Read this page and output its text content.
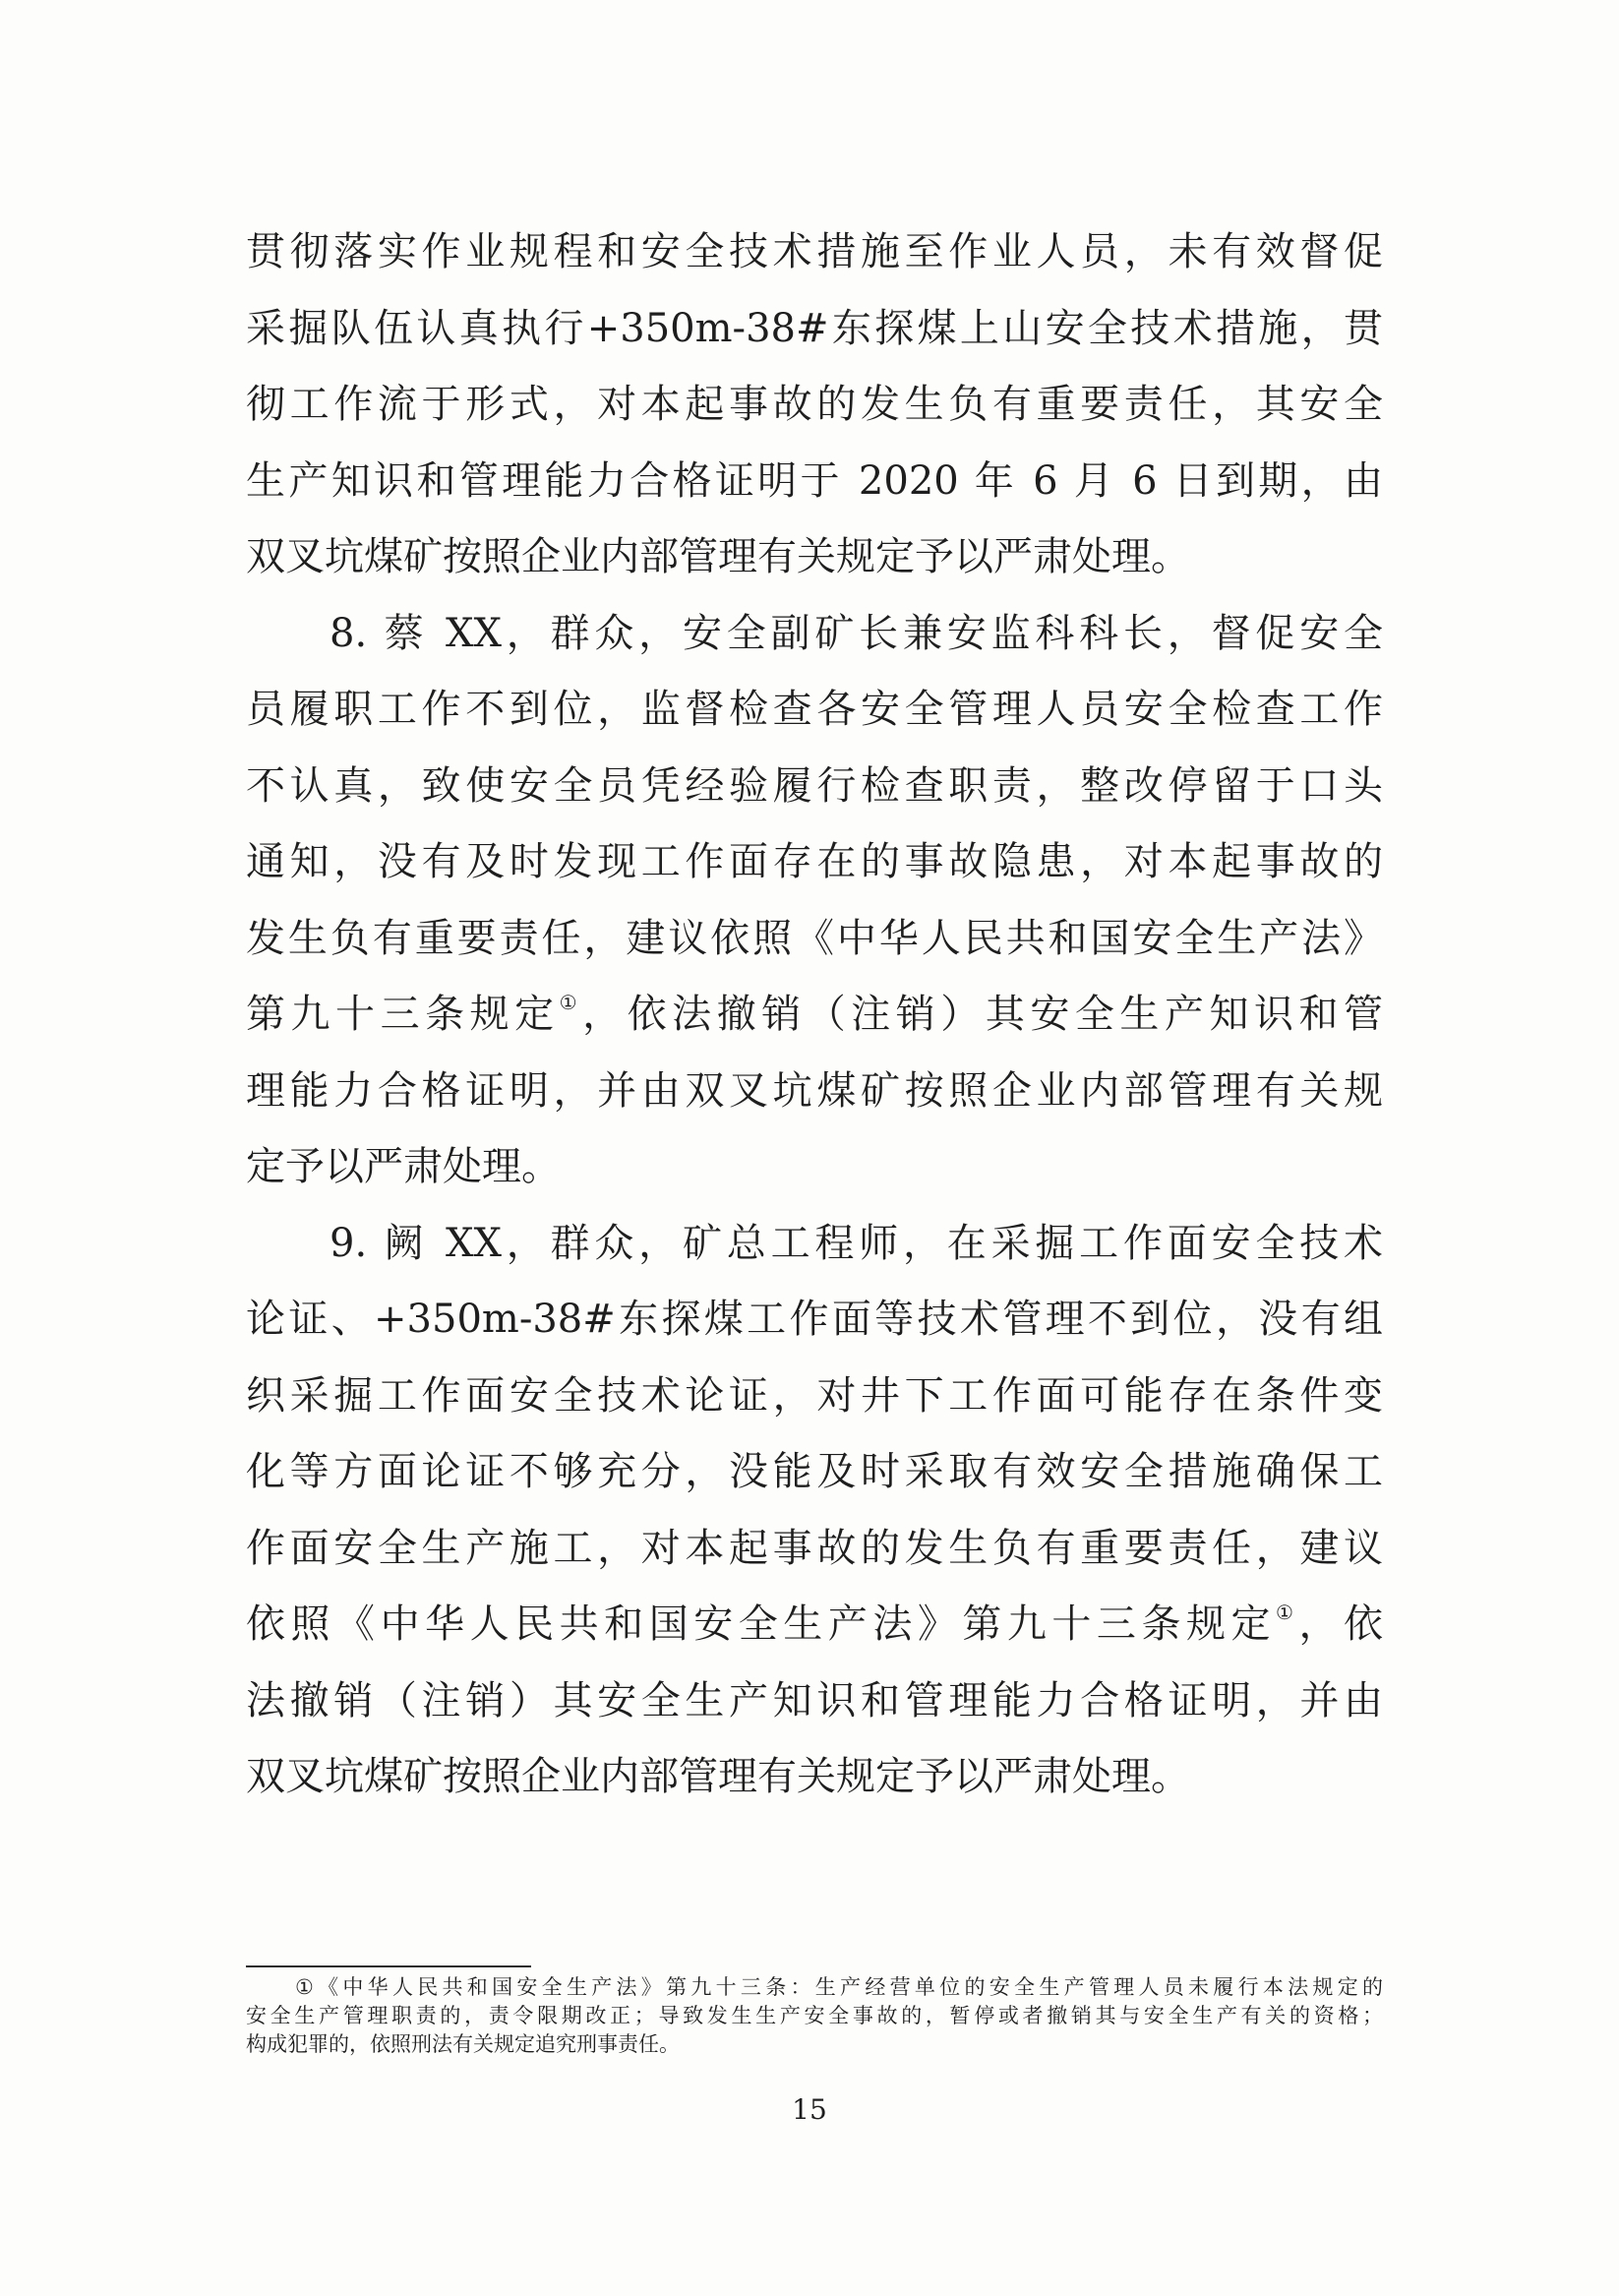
贯彻落实作业规程和安全技术措施至作业人员，未有效督促
采掘队伍认真执行+350m-38#东探煤上山安全技术措施，贯
彻工作流于形式，对本起事故的发生负有重要责任，其安全
生产知识和管理能力合格证明于 2020 年 6 月 6 日到期，由
双叉坑煤矿按照企业内部管理有关规定予以严肃处理。
8. 蔡 XX，群众，安全副矿长兼安监科科长，督促安全
员履职工作不到位，监督检查各安全管理人员安全检查工作
不认真，致使安全员凭经验履行检查职责，整改停留于口头
通知，没有及时发现工作面存在的事故隐患，对本起事故的
发生负有重要责任，建议依照《中华人民共和国安全生产法》
第九十三条规定①，依法撤销（注销）其安全生产知识和管
理能力合格证明，并由双叉坑煤矿按照企业内部管理有关规
定予以严肃处理。
9. 阙 XX，群众，矿总工程师，在采掘工作面安全技术
论证、+350m-38#东探煤工作面等技术管理不到位，没有组
织采掘工作面安全技术论证，对井下工作面可能存在条件变
化等方面论证不够充分，没能及时采取有效安全措施确保工
作面安全生产施工，对本起事故的发生负有重要责任，建议
依照《中华人民共和国安全生产法》第九十三条规定①，依
法撤销（注销）其安全生产知识和管理能力合格证明，并由
双叉坑煤矿按照企业内部管理有关规定予以严肃处理。
①《中华人民共和国安全生产法》第九十三条：生产经营单位的安全生产管理人员未履行本法规定的
安全生产管理职责的，责令限期改正；导致发生生产安全事故的，暂停或者撤销其与安全生产有关的资格；
构成犯罪的，依照刑法有关规定追究刑事责任。
15
